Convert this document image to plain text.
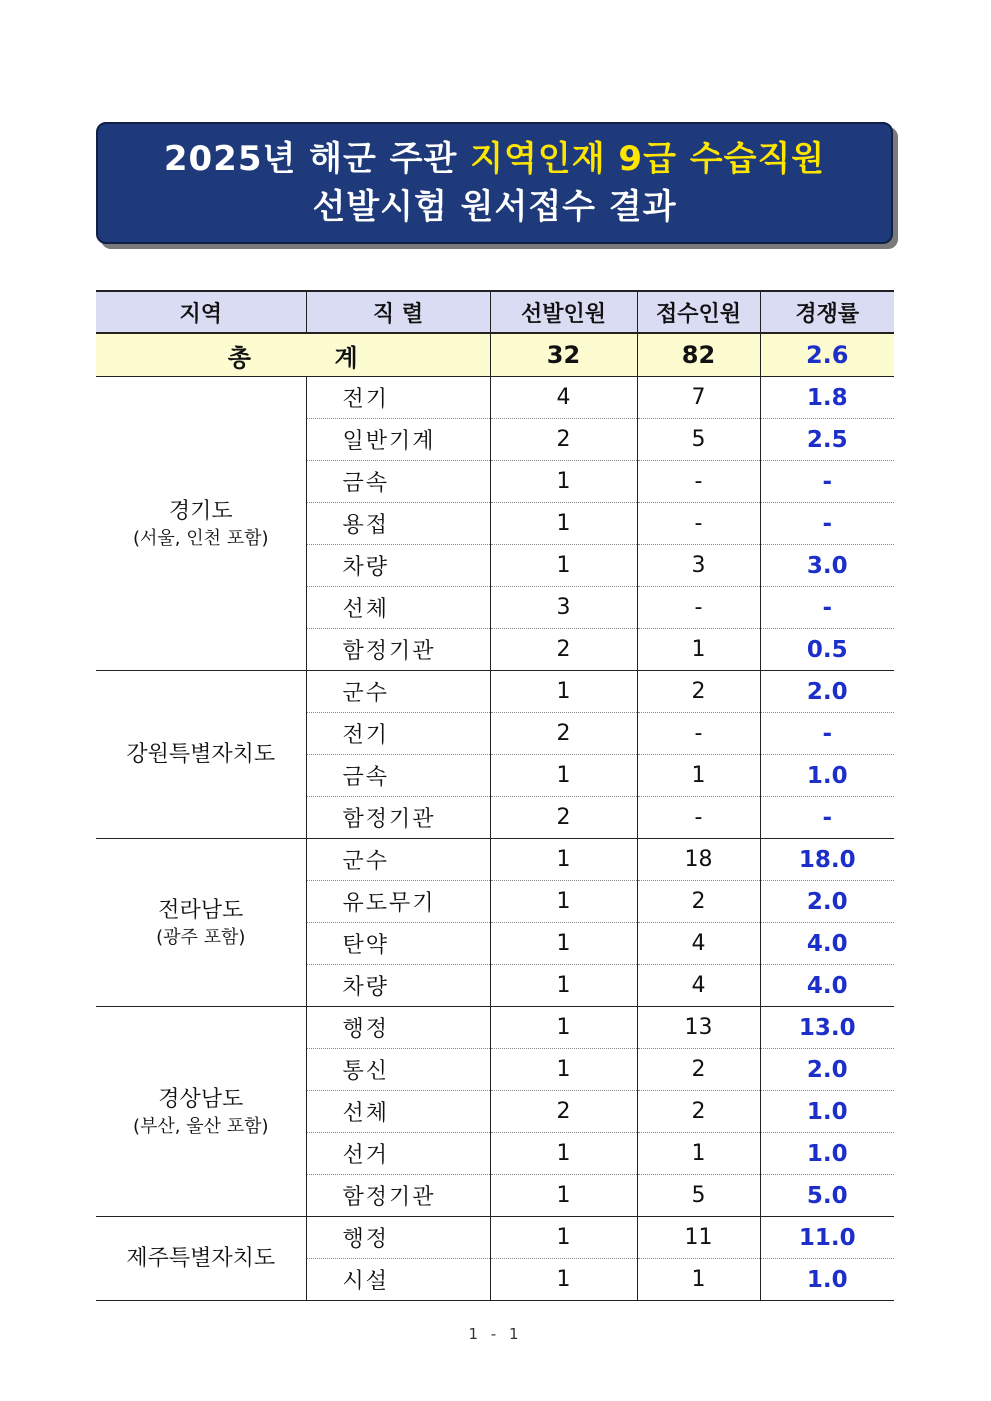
2025년 해군 주관 지역인재 9급 수습직원
선발시험 원서접수 결과
지역	직 렬	선발인원	접수인원	경쟁률
총          계		32	82	2.6

경기도
(서울, 인천 포함)	전기	4	7	1.8
	일반기계	2	5	2.5
	금속	1	-	-
	용접	1	-	-
	차량	1	3	3.0
	선체	3	-	-
	함정기관	2	1	0.5

강원특별자치도	군수	1	2	2.0
	전기	2	-	-
	금속	1	1	1.0
	함정기관	2	-	-

전라남도
(광주 포함)	군수	1	18	18.0
	유도무기	1	2	2.0
	탄약	1	4	4.0
	차량	1	4	4.0

경상남도
(부산, 울산 포함)	행정	1	13	13.0
	통신	1	2	2.0
	선체	2	2	1.0
	선거	1	1	1.0
	함정기관	1	5	5.0

제주특별자치도	행정	1	11	11.0
	시설	1	1	1.0
1 - 1
